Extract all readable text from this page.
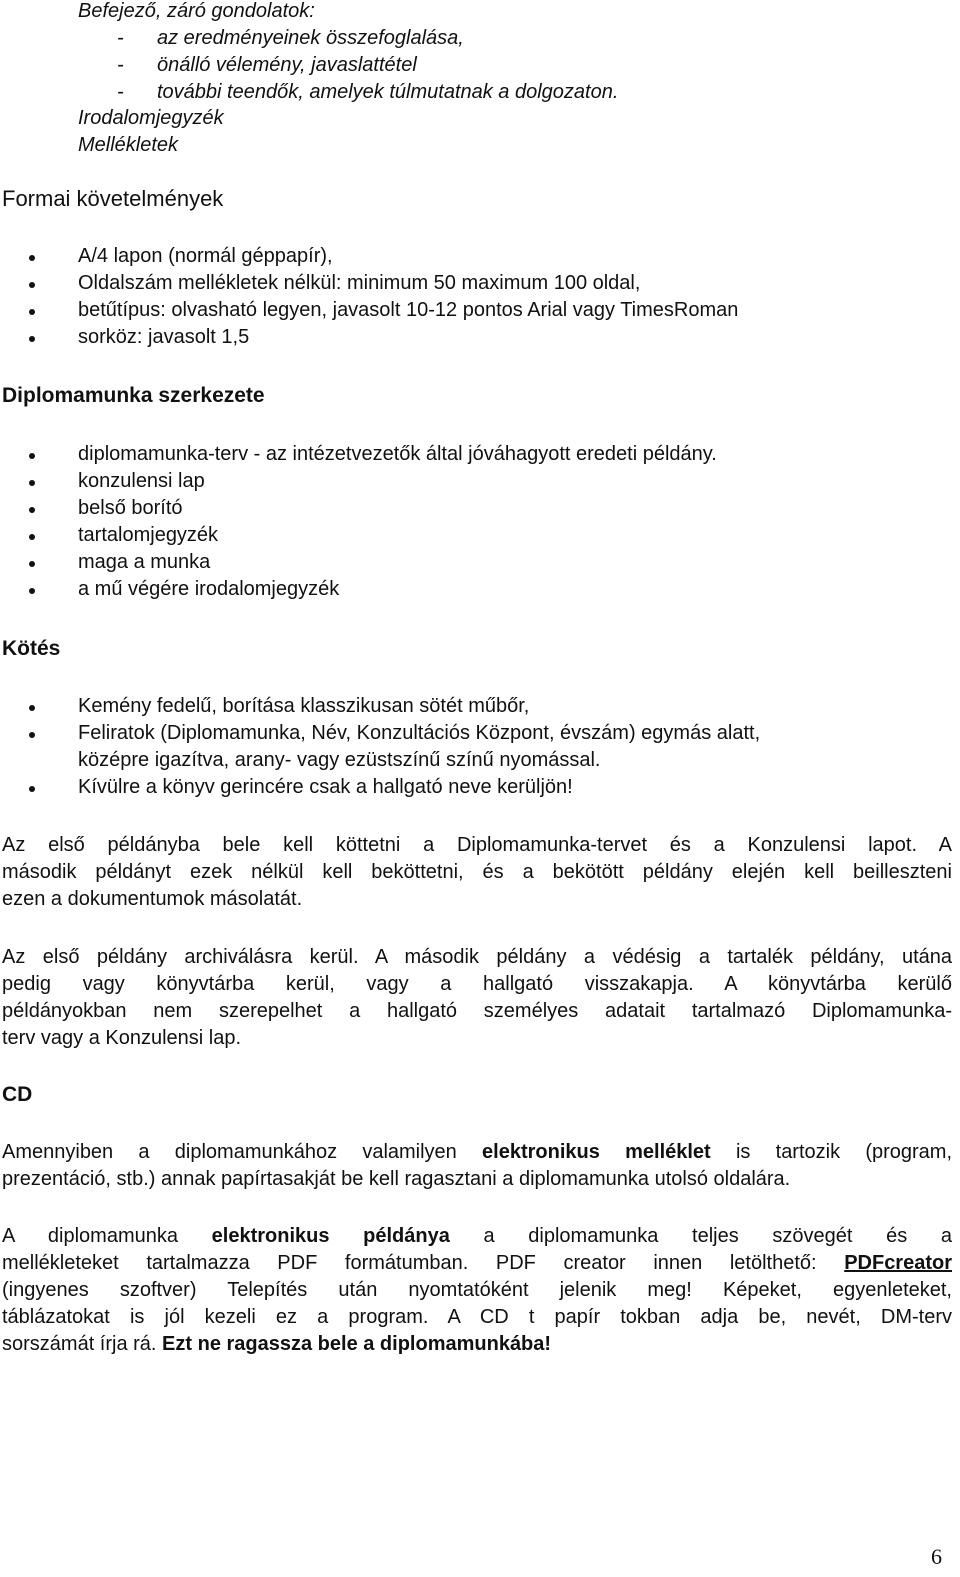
Befejező, záró gondolatok:
- az eredményeinek összefoglalása,
- önálló vélemény, javaslattétel
- további teendők, amelyek túlmutatnak a dolgozaton.
Irodalomjegyzék
Mellékletek
Formai követelmények
A/4 lapon (normál géppapír),
Oldalszám mellékletek nélkül: minimum 50 maximum 100 oldal,
betűtípus: olvasható legyen, javasolt 10-12 pontos Arial vagy TimesRoman
sorköz: javasolt 1,5
Diplomamunka szerkezete
diplomamunka-terv - az intézetvezetők által jóváhagyott eredeti példány.
konzulensi lap
belső borító
tartalomjegyzék
maga a munka
a mű végére irodalomjegyzék
Kötés
Kemény fedelű, borítása klasszikusan sötét műbőr,
Feliratok (Diplomamunka, Név, Konzultációs Központ, évszám) egymás alatt,
középre igazítva, arany- vagy ezüstszínű színű nyomással.
Kívülre a könyv gerincére csak a hallgató neve kerüljön!
Az első példányba bele kell köttetni a Diplomamunka-tervet és a Konzulensi lapot. A
második példányt ezek nélkül kell beköttetni, és a bekötött példány elején kell beilleszteni
ezen a dokumentumok másolatát.
Az első példány archiválásra kerül. A második példány a védésig a tartalék példány, utána
pedig vagy könyvtárba kerül, vagy a hallgató visszakapja. A könyvtárba kerülő
példányokban nem szerepelhet a hallgató személyes adatait tartalmazó Diplomamunka-
terv vagy a Konzulensi lap.
CD
Amennyiben a diplomamunkához valamilyen elektronikus melléklet is tartozik (program,
prezentáció, stb.) annak papírtasakját be kell ragasztani a diplomamunka utolsó oldalára.
A diplomamunka elektronikus példánya a diplomamunka teljes szövegét és a
mellékleteket tartalmazza PDF formátumban. PDF creator innen letölthető: PDFcreator
(ingyenes szoftver) Telepítés után nyomtatóként jelenik meg! Képeket, egyenleteket,
táblázatokat is jól kezeli ez a program. A CD t papír tokban adja be, nevét, DM-terv
sorszámát írja rá. Ezt ne ragassza bele a diplomamunkába!
6
